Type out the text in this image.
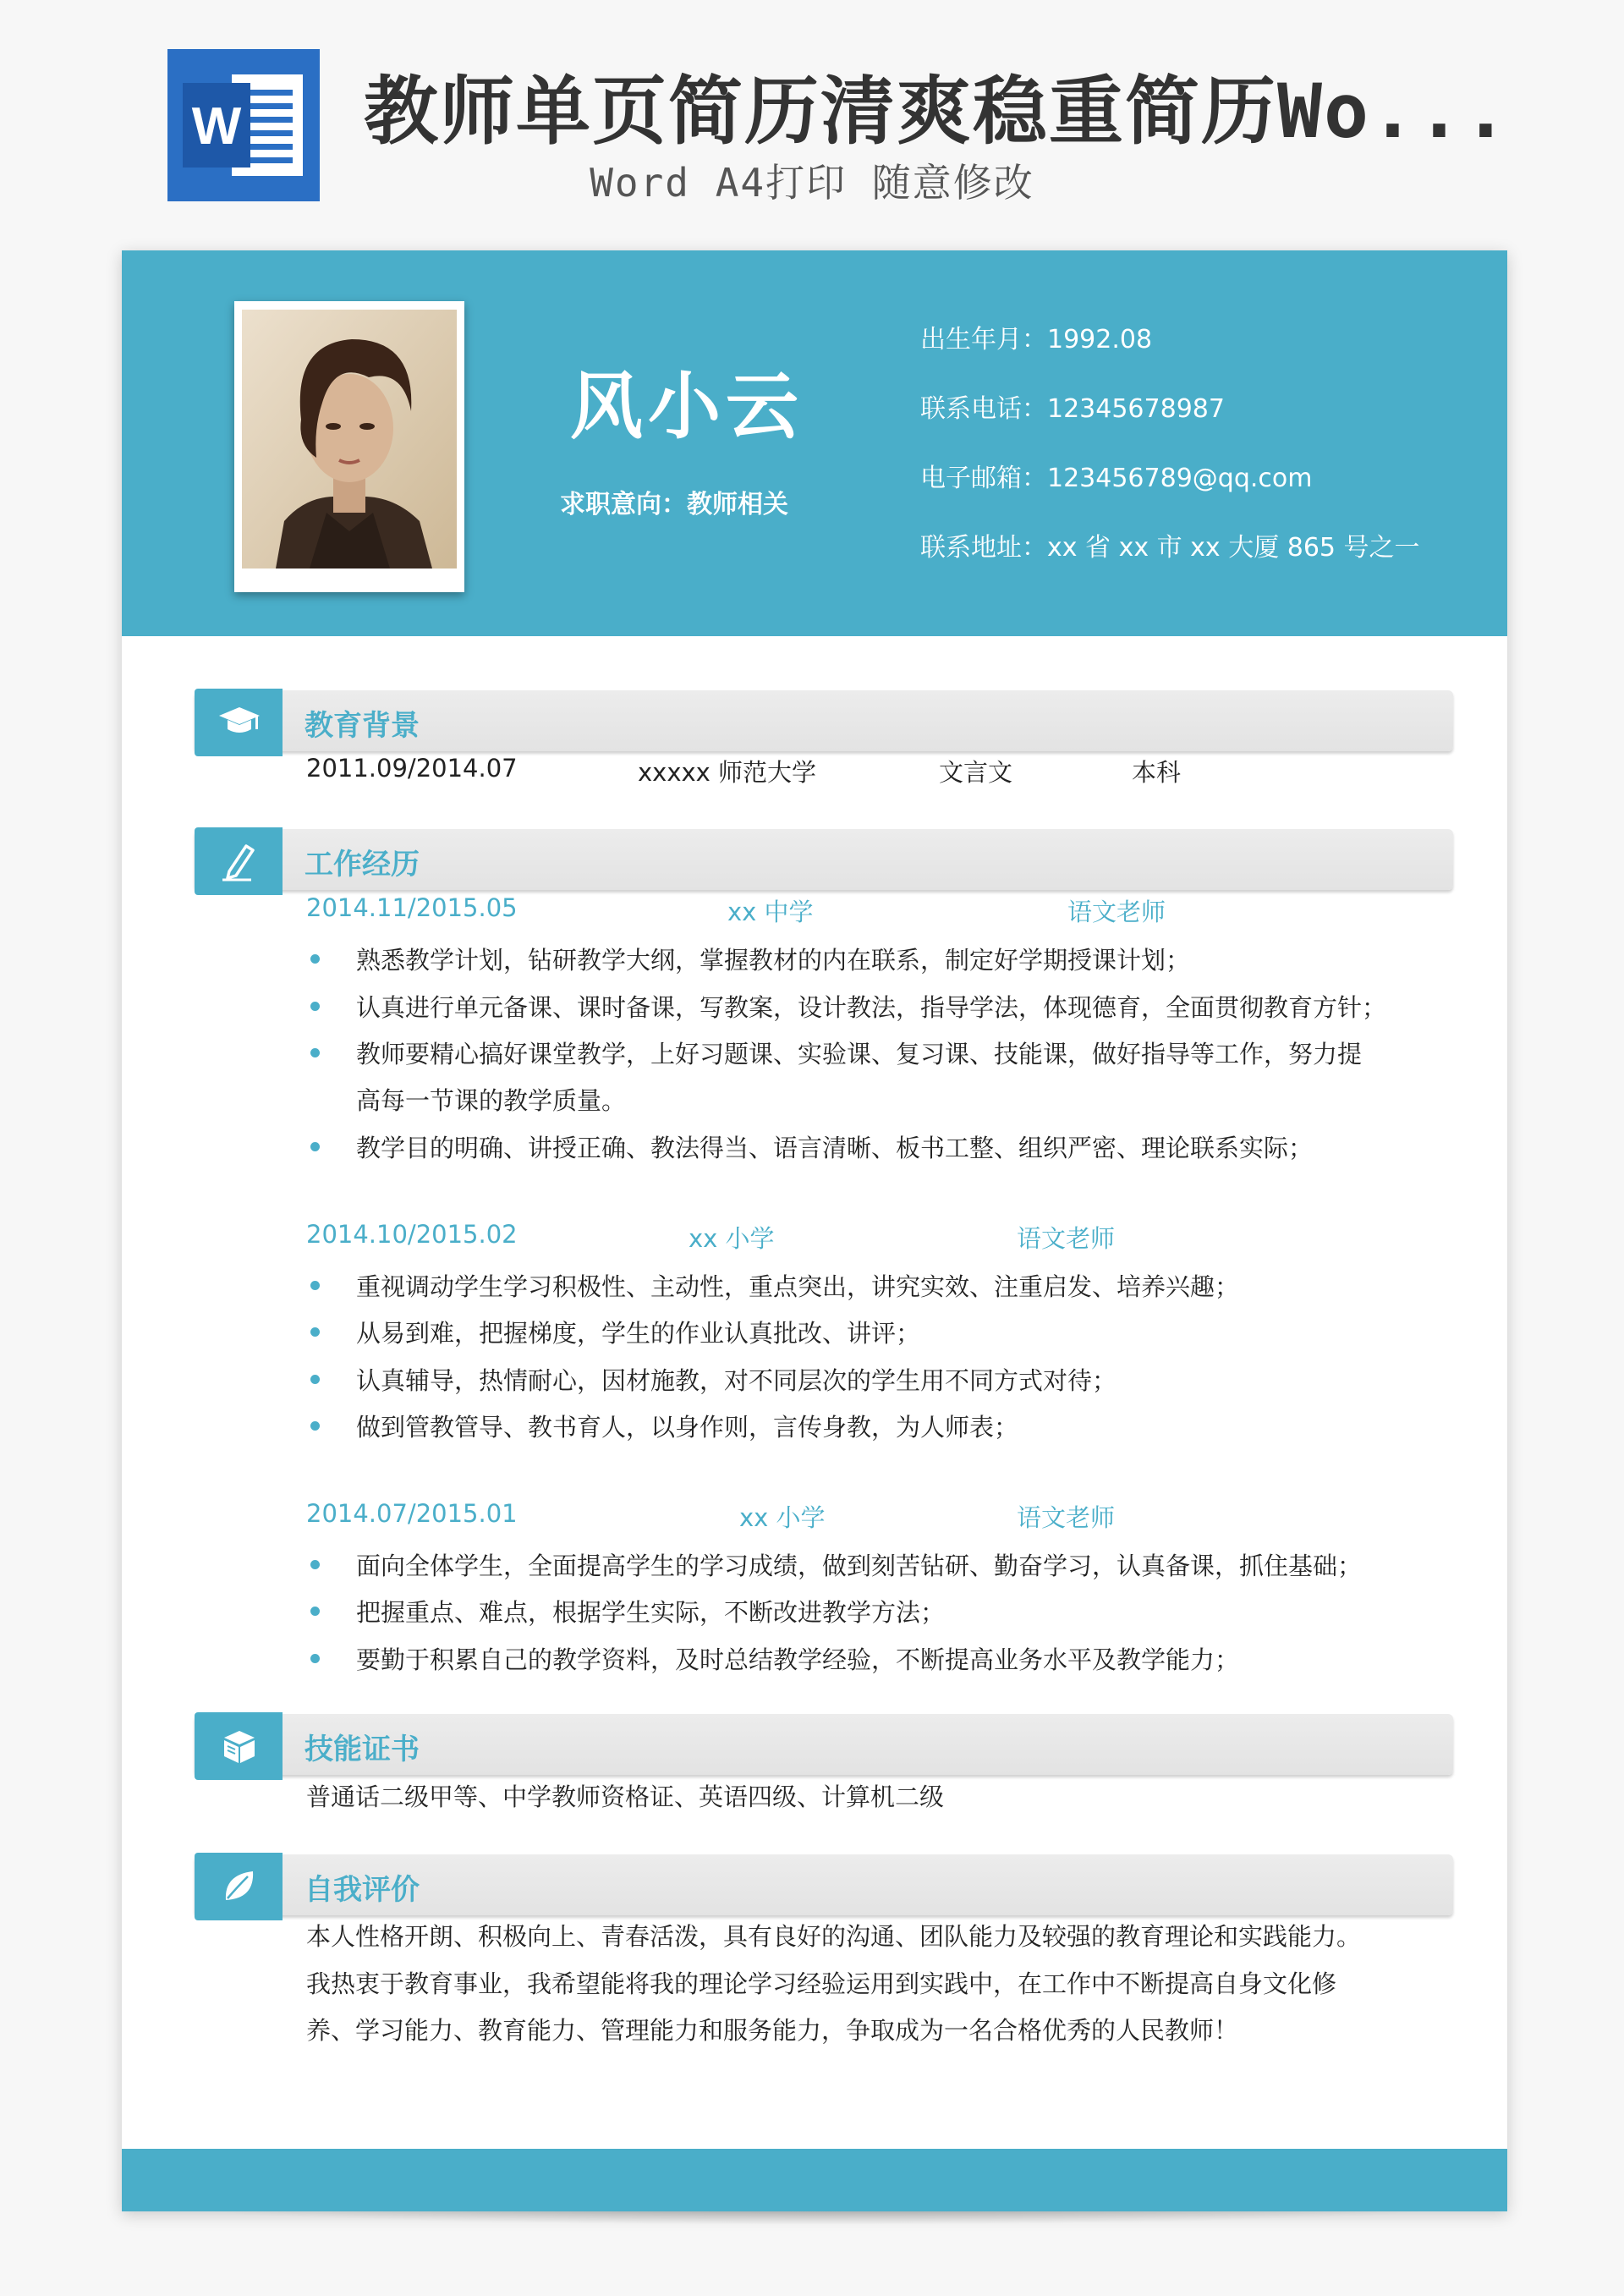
W 教师单页简历清爽稳重简历Wo...
Word A4打印 随意修改
风小云
求职意向：教师相关
出生年月：1992.08
联系电话：12345678987
电子邮箱：123456789@qq.com
联系地址：xx 省 xx 市 xx 大厦 865 号之一
教育背景
2011.09/2014.07	xxxxx 师范大学	文言文	本科
工作经历
2014.11/2015.05	xx 中学	语文老师
熟悉教学计划，钻研教学大纲，掌握教材的内在联系，制定好学期授课计划；
认真进行单元备课、课时备课，写教案，设计教法，指导学法，体现德育，全面贯彻教育方针；
教师要精心搞好课堂教学，上好习题课、实验课、复习课、技能课，做好指导等工作，努力提
高每一节课的教学质量。
教学目的明确、讲授正确、教法得当、语言清晰、板书工整、组织严密、理论联系实际；
2014.10/2015.02	xx 小学	语文老师
重视调动学生学习积极性、主动性，重点突出，讲究实效、注重启发、培养兴趣；
从易到难，把握梯度，学生的作业认真批改、讲评；
认真辅导，热情耐心，因材施教，对不同层次的学生用不同方式对待；
做到管教管导、教书育人，以身作则，言传身教，为人师表；
2014.07/2015.01	xx 小学	语文老师
面向全体学生，全面提高学生的学习成绩，做到刻苦钻研、勤奋学习，认真备课，抓住基础；
把握重点、难点，根据学生实际，不断改进教学方法；
要勤于积累自己的教学资料，及时总结教学经验，不断提高业务水平及教学能力；
技能证书
普通话二级甲等、中学教师资格证、英语四级、计算机二级
自我评价
本人性格开朗、积极向上、青春活泼，具有良好的沟通、团队能力及较强的教育理论和实践能力。
我热衷于教育事业，我希望能将我的理论学习经验运用到实践中，在工作中不断提高自身文化修
养、学习能力、教育能力、管理能力和服务能力，争取成为一名合格优秀的人民教师！
